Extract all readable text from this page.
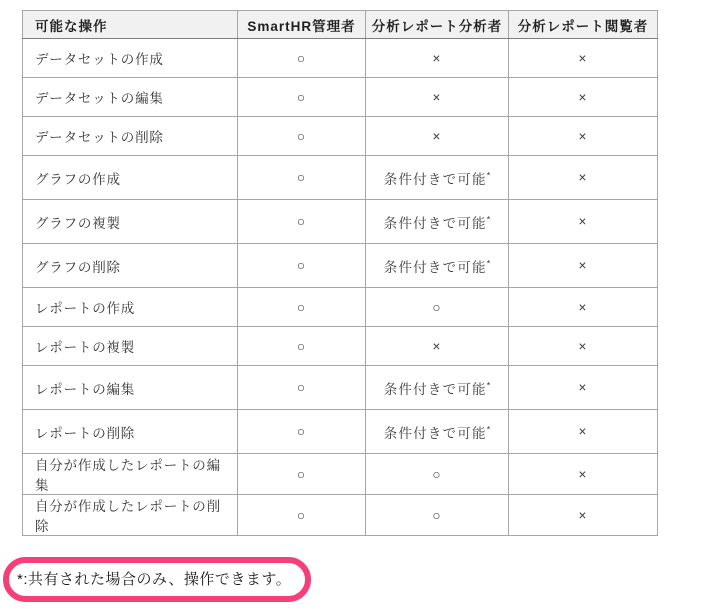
可能な操作	SmartHR管理者	分析レポート分析者	分析レポート閲覧者
データセットの作成	○	×	×
データセットの編集	○	×	×
データセットの削除	○	×	×
グラフの作成	○	条件付きで可能*	×
グラフの複製	○	条件付きで可能*	×
グラフの削除	○	条件付きで可能*	×
レポートの作成	○	○	×
レポートの複製	○	×	×
レポートの編集	○	条件付きで可能*	×
レポートの削除	○	条件付きで可能*	×
自分が作成したレポートの編集	○	○	×
自分が作成したレポートの削除	○	○	×
*:共有された場合のみ、操作できます。
